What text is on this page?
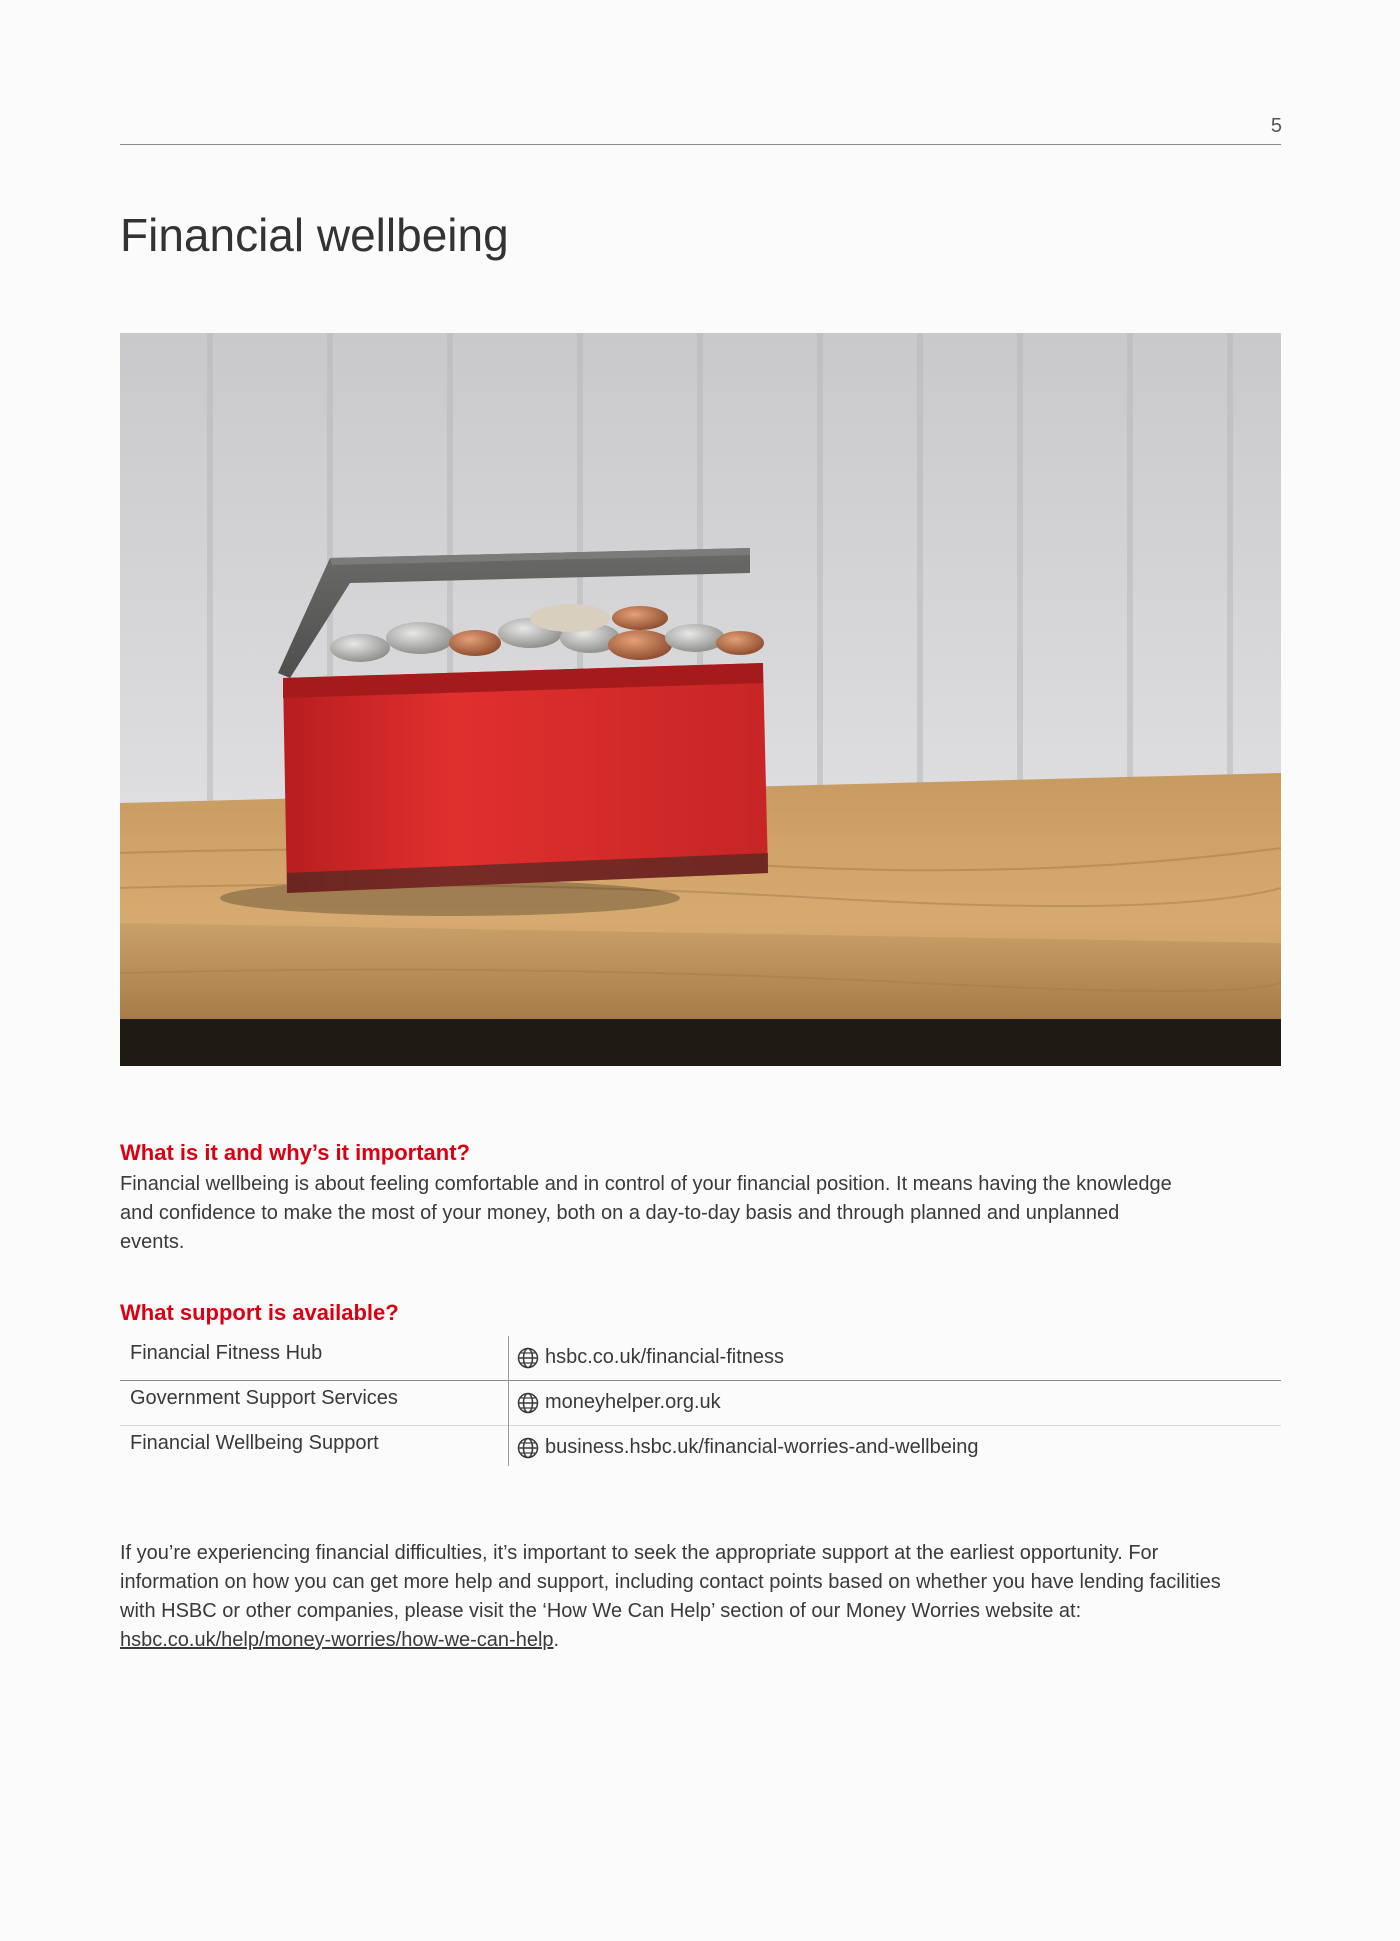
5
Financial wellbeing
What is it and why’s it important?

Financial wellbeing is about feeling comfortable and in control of your financial position. It means having the knowledge and confidence to make the most of your money, both on a day-to-day basis and through planned and unplanned events.

What support is available?
Financial Fitness Hub	hsbc.co.uk/financial-fitness
Government Support Services	moneyhelper.org.uk
Financial Wellbeing Support	business.hsbc.uk/financial-worries-and-wellbeing

If you’re experiencing financial difficulties, it’s important to seek the appropriate support at the earliest opportunity. For information on how you can get more help and support, including contact points based on whether you have lending facilities with HSBC or other companies, please visit the ‘How We Can Help’ section of our Money Worries website at: hsbc.co.uk/help/money-worries/how-we-can-help.
